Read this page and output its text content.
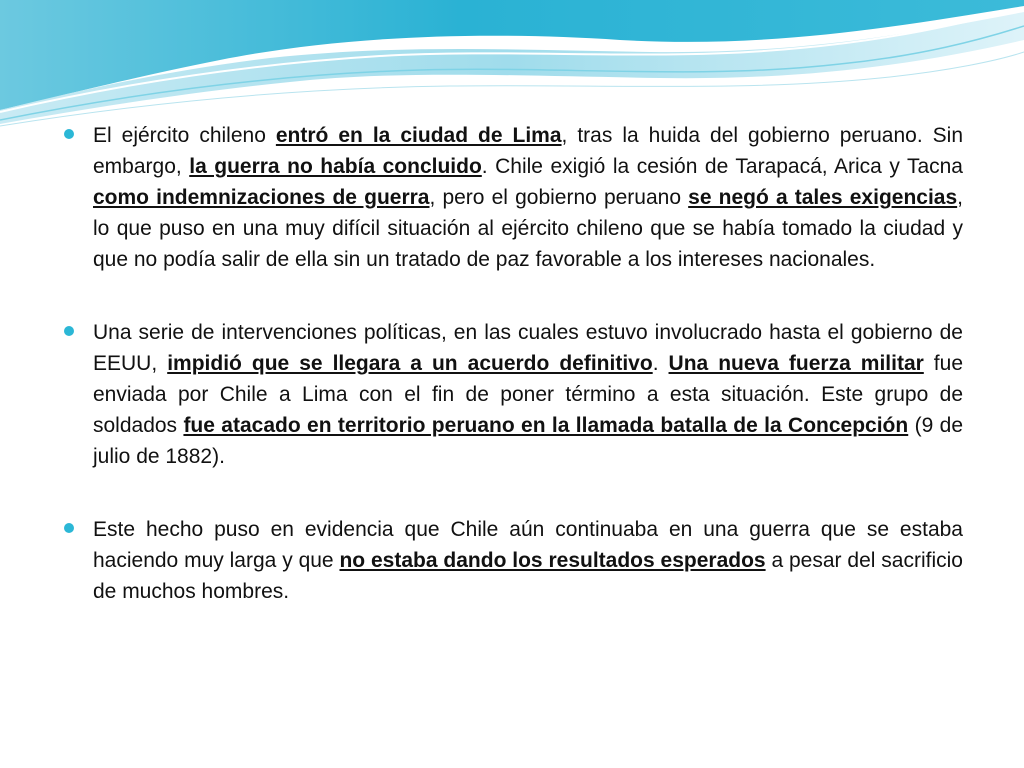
El ejército chileno entró en la ciudad de Lima, tras la huida del gobierno peruano. Sin embargo, la guerra no había concluido. Chile exigió la cesión de Tarapacá, Arica y Tacna como indemnizaciones de guerra, pero el gobierno peruano se negó a tales exigencias, lo que puso en una muy difícil situación al ejército chileno que se había tomado la ciudad y que no podía salir de ella sin un tratado de paz favorable a los intereses nacionales.
Una serie de intervenciones políticas, en las cuales estuvo involucrado hasta el gobierno de EEUU, impidió que se llegara a un acuerdo definitivo. Una nueva fuerza militar fue enviada por Chile a Lima con el fin de poner término a esta situación. Este grupo de soldados fue atacado en territorio peruano en la llamada batalla de la Concepción (9 de julio de 1882).
Este hecho puso en evidencia que Chile aún continuaba en una guerra que se estaba haciendo muy larga y que no estaba dando los resultados esperados a pesar del sacrificio de muchos hombres.
